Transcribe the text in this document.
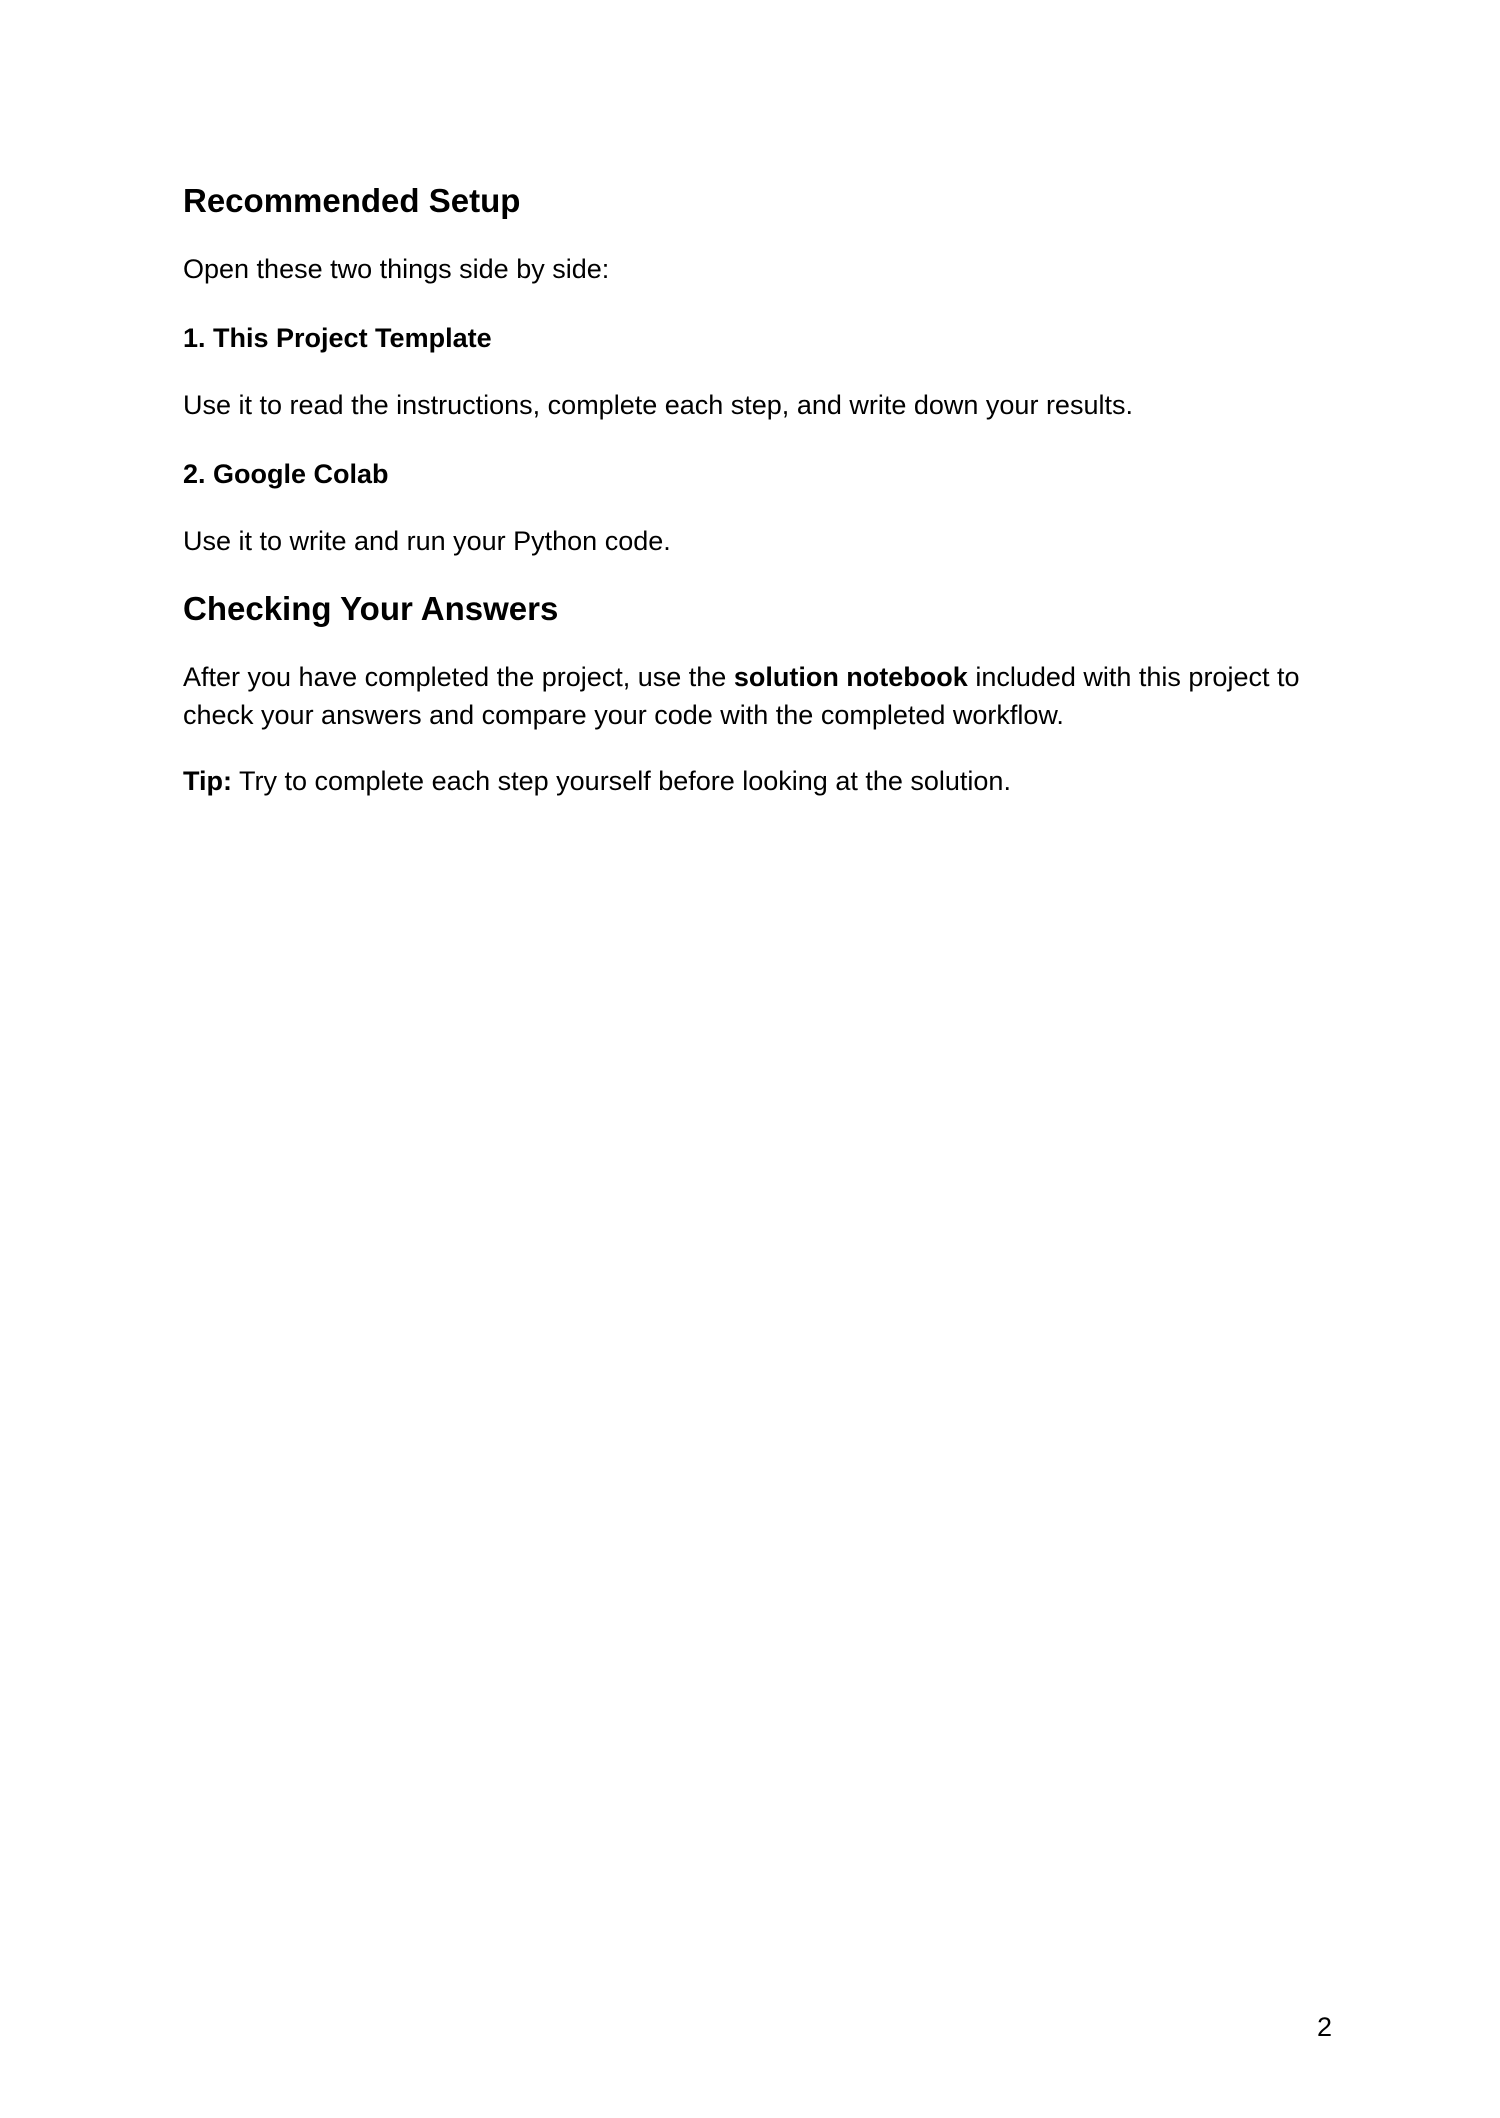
Recommended Setup

Open these two things side by side:

1. This Project Template

Use it to read the instructions, complete each step, and write down your results.

2. Google Colab

Use it to write and run your Python code.

Checking Your Answers

After you have completed the project, use the solution notebook included with this project to check your answers and compare your code with the completed workflow.

Tip: Try to complete each step yourself before looking at the solution.

2
